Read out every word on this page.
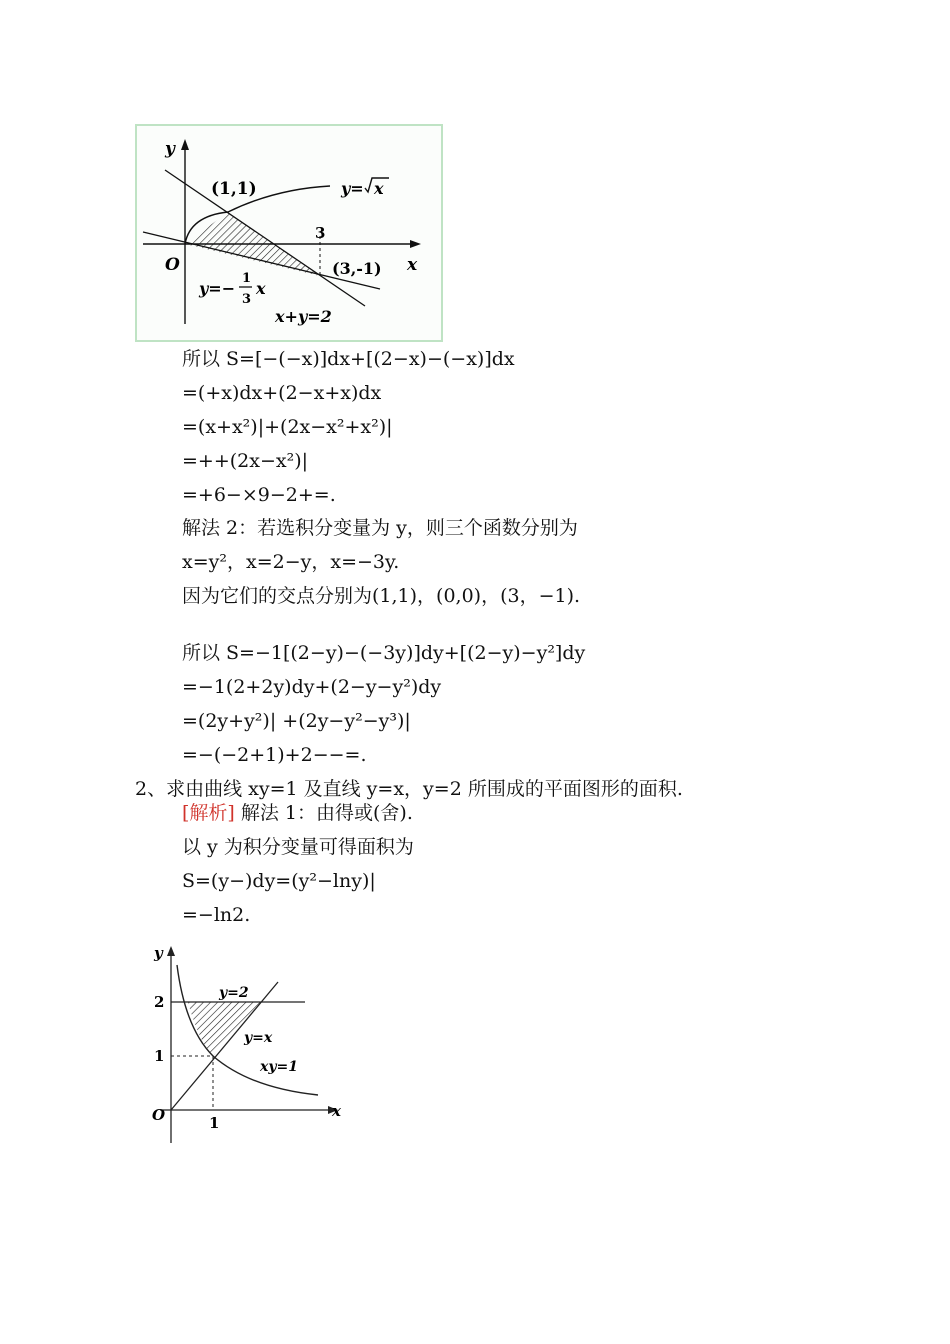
y
x
O
(1,1)	y= x
3
(3,-1)
y=−
1
3
x
x+y=2
所以 S=[−(−x)]dx+[(2−x)−(−x)]dx
=(+x)dx+(2−x+x)dx
=(x+x²)|+(2x−x²+x²)|
=++(2x−x²)|
=+6−×9−2+=.
解法 2：若选积分变量为 y，则三个函数分别为
x=y²，x=2−y，x=−3y.
因为它们的交点分别为(1,1)，(0,0)，(3，−1).
所以 S=−1[(2−y)−(−3y)]dy+[(2−y)−y²]dy
=−1(2+2y)dy+(2−y−y²)dy
=(2y+y²)| +(2y−y²−y³)|
=−(−2+1)+2−−=.
2、求由曲线 xy=1 及直线 y=x，y=2 所围成的平面图形的面积.
[解析] 解法 1：由得或(舍).
以 y 为积分变量可得面积为
S=(y−)dy=(y²−lny)|
=−ln2.
y
x
O
2
1
1
y=2
y=x
xy=1
